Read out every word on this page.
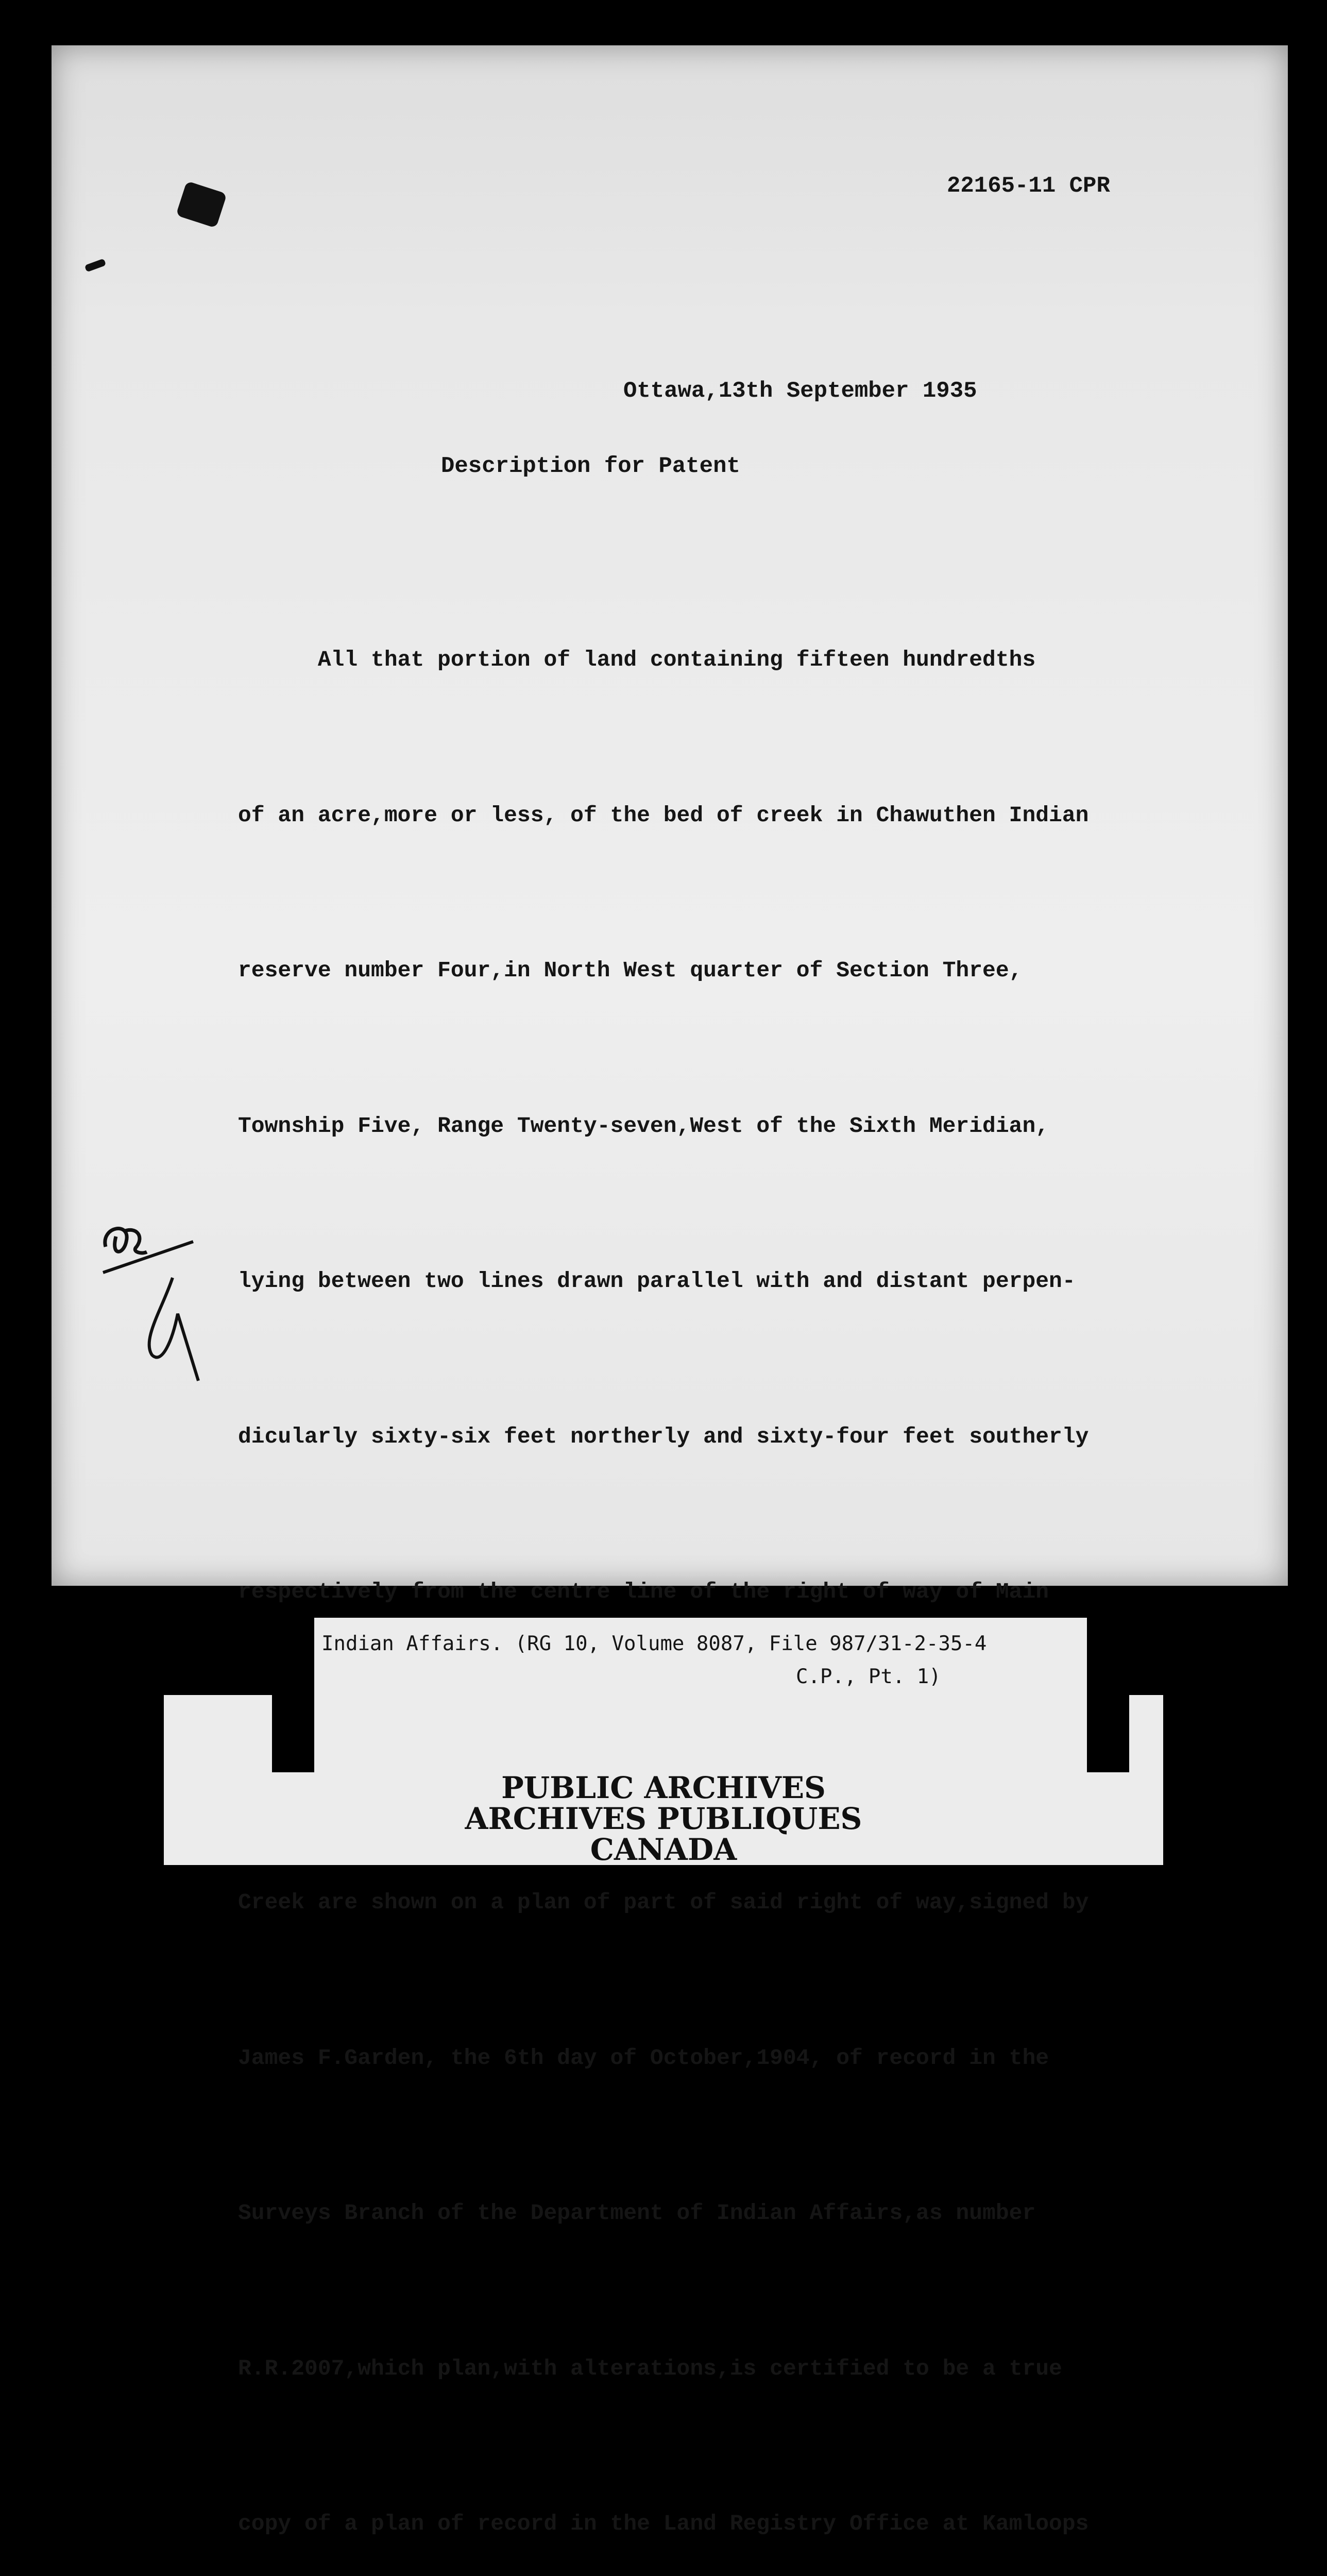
22165-11 CPR
Ottawa,13th September 1935
Description for Patent

All that portion of land containing fifteen hundredths

of an acre,more or less, of the bed of creek in Chawuthen Indian

reserve number Four,in North West quarter of Section Three,

Township Five, Range Twenty-seven,West of the Sixth Meridian,

lying between two lines drawn parallel with and distant perpen-

dicularly sixty-six feet northerly and sixty-four feet southerly

respectively from the centre line of the right of way of Main

Creek are shown on a plan of part of said right of way,signed by

James F.Garden, the 6th day of October,1904, of record in the

Surveys Branch of the Department of Indian Affairs,as number

R.R.2007,which plan,with alterations,is certified to be a true

copy of a plan of record in the Land Registry Office at Kamloops

Indian Affairs. (RG 10, Volume 8087, File 987/31-2-35-4
C.P., Pt. 1)
PUBLIC ARCHIVES
ARCHIVES PUBLIQUES
CANADA
